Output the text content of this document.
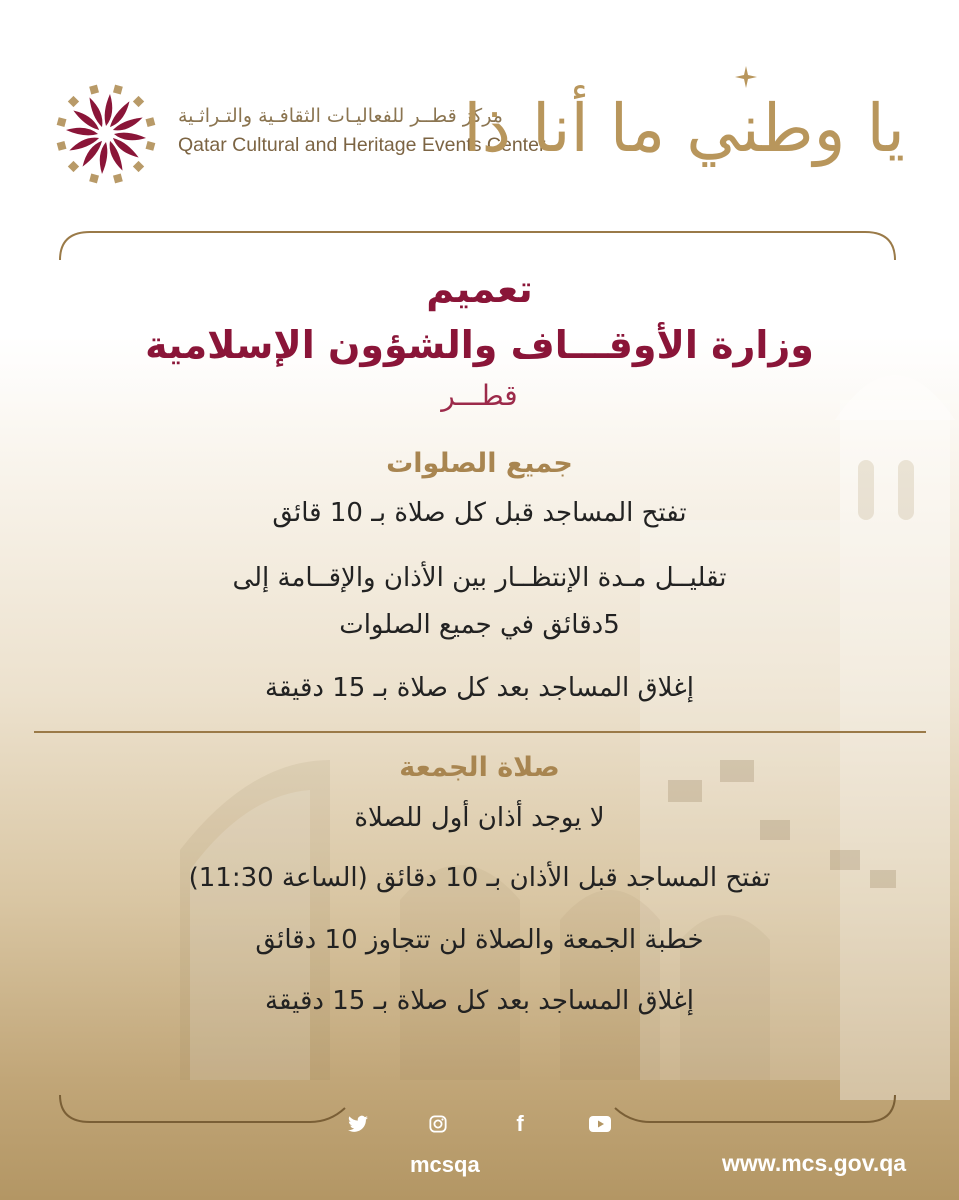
مركز قطــر للفعاليـات الثقافـية والتـراثـية
Qatar Cultural and Heritage Events Center
يا وطني ما أنا ذا
تعميم
وزارة الأوقـــاف والشؤون الإسلامية
قطـــر
جميع الصلوات
تفتح المساجد قبل كل صلاة بـ 10 قائق
تقليــل مـدة الإنتظــار بين الأذان والإقــامة إلى
5دقائق في جميع الصلوات
إغلاق المساجد بعد كل صلاة بـ 15 دقيقة
صلاة الجمعة
لا يوجد أذان أول للصلاة
تفتح المساجد قبل الأذان بـ 10 دقائق (الساعة 11:30)
خطبة الجمعة والصلاة لن تتجاوز 10 دقائق
إغلاق المساجد بعد كل صلاة بـ 15 دقيقة
f
mcsqa	www.mcs.gov.qa
